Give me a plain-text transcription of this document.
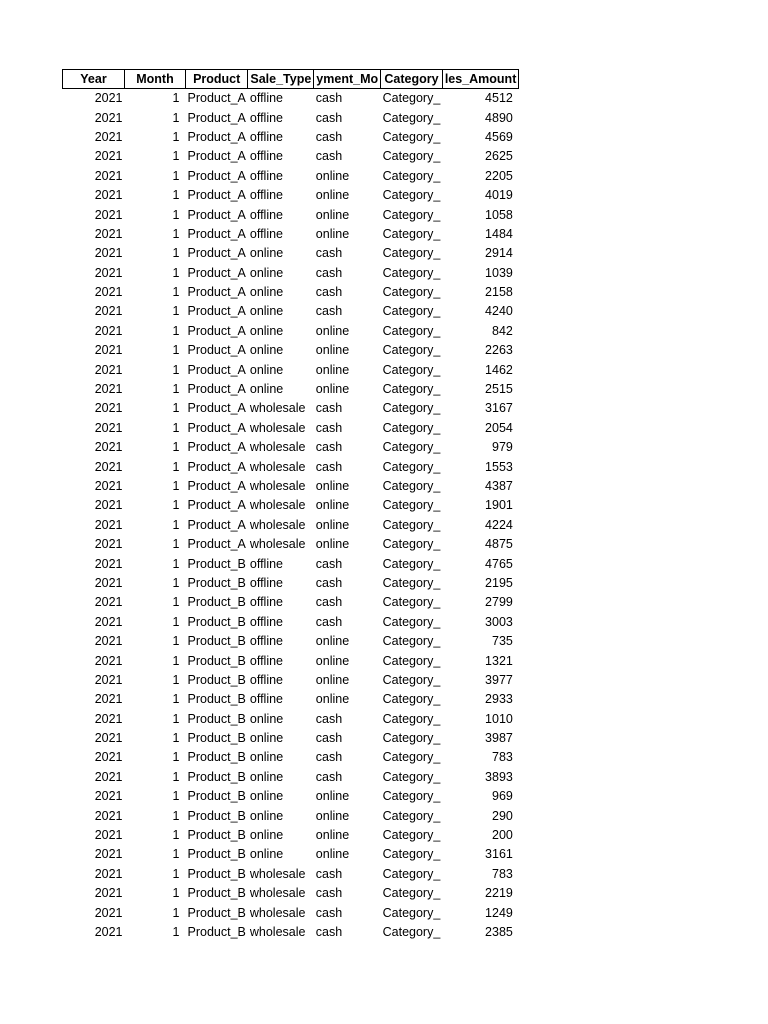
Year	Month	Product	Sale_Type	yment_Mo	Category	les_Amount
2021	1	Product_A	offline	cash	Category_	4512
2021	1	Product_A	offline	cash	Category_	4890
2021	1	Product_A	offline	cash	Category_	4569
2021	1	Product_A	offline	cash	Category_	2625
2021	1	Product_A	offline	online	Category_	2205
2021	1	Product_A	offline	online	Category_	4019
2021	1	Product_A	offline	online	Category_	1058
2021	1	Product_A	offline	online	Category_	1484
2021	1	Product_A	online	cash	Category_	2914
2021	1	Product_A	online	cash	Category_	1039
2021	1	Product_A	online	cash	Category_	2158
2021	1	Product_A	online	cash	Category_	4240
2021	1	Product_A	online	online	Category_	842
2021	1	Product_A	online	online	Category_	2263
2021	1	Product_A	online	online	Category_	1462
2021	1	Product_A	online	online	Category_	2515
2021	1	Product_A	wholesale	cash	Category_	3167
2021	1	Product_A	wholesale	cash	Category_	2054
2021	1	Product_A	wholesale	cash	Category_	979
2021	1	Product_A	wholesale	cash	Category_	1553
2021	1	Product_A	wholesale	online	Category_	4387
2021	1	Product_A	wholesale	online	Category_	1901
2021	1	Product_A	wholesale	online	Category_	4224
2021	1	Product_A	wholesale	online	Category_	4875
2021	1	Product_B	offline	cash	Category_	4765
2021	1	Product_B	offline	cash	Category_	2195
2021	1	Product_B	offline	cash	Category_	2799
2021	1	Product_B	offline	cash	Category_	3003
2021	1	Product_B	offline	online	Category_	735
2021	1	Product_B	offline	online	Category_	1321
2021	1	Product_B	offline	online	Category_	3977
2021	1	Product_B	offline	online	Category_	2933
2021	1	Product_B	online	cash	Category_	1010
2021	1	Product_B	online	cash	Category_	3987
2021	1	Product_B	online	cash	Category_	783
2021	1	Product_B	online	cash	Category_	3893
2021	1	Product_B	online	online	Category_	969
2021	1	Product_B	online	online	Category_	290
2021	1	Product_B	online	online	Category_	200
2021	1	Product_B	online	online	Category_	3161
2021	1	Product_B	wholesale	cash	Category_	783
2021	1	Product_B	wholesale	cash	Category_	2219
2021	1	Product_B	wholesale	cash	Category_	1249
2021	1	Product_B	wholesale	cash	Category_	2385
